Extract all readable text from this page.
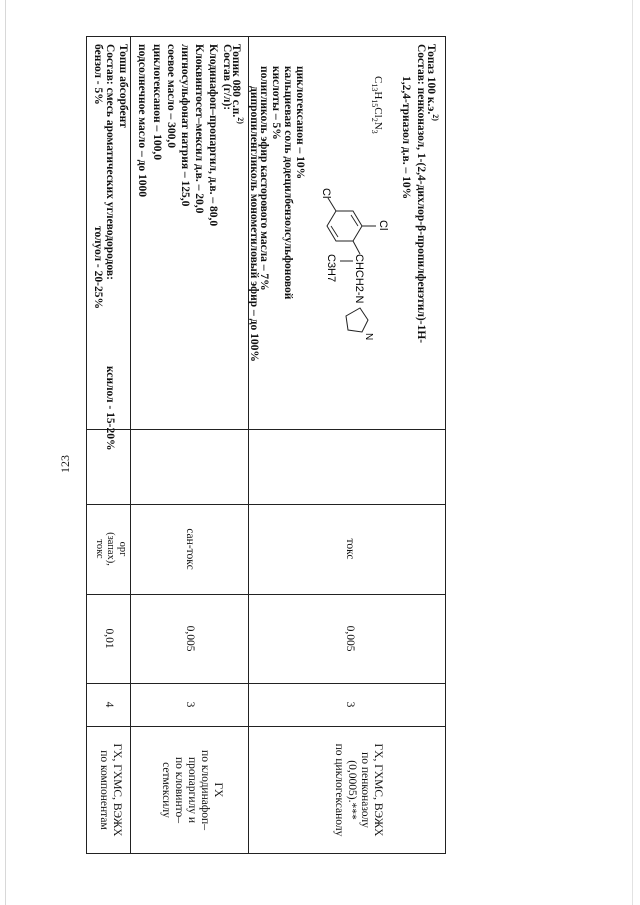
123
Топаз 100 к.э.$^{2)}$
Состав: пенконазол, 1-(2,4-дихлор-β-пропилфенэтил)-1Н-
1,2,4-триазол д.в. – 10%
$C_{13}H_{15}Cl_2N_3$
Cl
Cl
CHCH2-N
C3H7
N
циклогексанон – 10%
кальциевая соль додецилбензолсульфоновой
кислоты – 5%
полигликоль эфир касторового масла – 7%
дипропиленгликоль монометиловый эфир – до 100%
токс
0,005
3
ГХ, ГХМС, ВЭЖХ
по пенконазолу
(0,0005).***
по циклогексанолу
Топик 080 с.п.$^{2)}$
Состав (г/л):
Клодинафоп–пропаргил, д.в. – 80,0
Клоквинтосет–мексил д.в. – 20,0
лигносульфонат натрия – 125,0
соевое масло – 300,0
циклогексанон – 100,0
подсолнечное масло – до 1000
сан-токс
0,005
3
ГХ
по клодинафоп–
пропаргилу и
по кловинто–
сетмексилу
Топш абсорбент
Состав: смесь ароматических углеводородов:
бензол - 5%
толуол - 20-25%
ксилол - 15-20%
орг
(запах),
токс
0,01
4
ГХ, ГХМС, ВЭЖХ
по компонентам
